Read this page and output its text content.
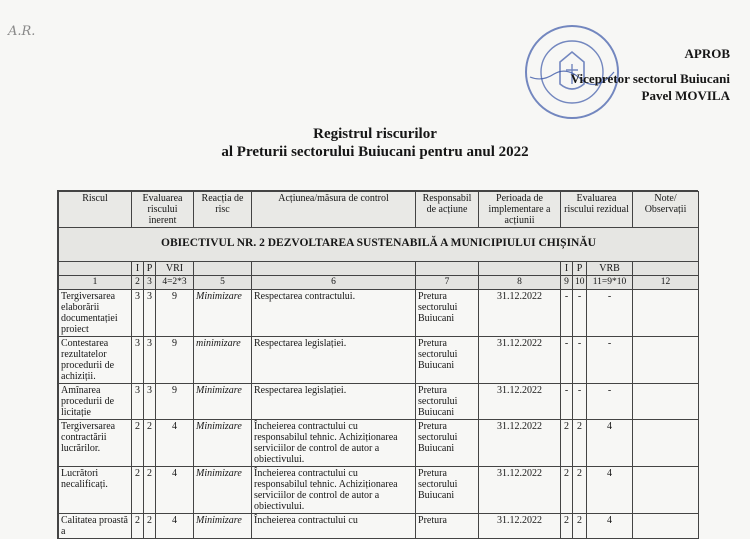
A.R.
APROB
Vicepretor sectorul Buiucani
Pavel MOVILA
Registrul riscurilor
al Preturii sectorului Buiucani pentru anul 2022
Riscul	Evaluarea riscului inerent			Reacția de risc	Acțiunea/măsura de control	Responsabil de acțiune	Perioada de implementare a acțiunii	Evaluarea riscului rezidual			Note/ Observații
OBIECTIVUL NR. 2 DEZVOLTAREA SUSTENABILĂ A MUNICIPIULUI CHIȘINĂU											
	I	P	VRI					I	P	VRB	
1	2	3	4=2*3	5	6	7	8	9	10	11=9*10	12
Tergiversarea elaborării documentației proiect	3	3	9	Minimizare	Respectarea contractului.	Pretura sectorului Buiucani	31.12.2022	-	-	-	
Contestarea rezultatelor procedurii de achiziții.	3	3	9	minimizare	Respectarea legislației.	Pretura sectorului Buiucani	31.12.2022	-	-	-	
Amînarea procedurii de licitație	3	3	9	Minimizare	Respectarea legislației.	Pretura sectorului Buiucani	31.12.2022	-	-	-	
Tergiversarea contractării lucrărilor.	2	2	4	Minimizare	Încheierea contractului cu responsabilul tehnic. Achiziționarea serviciilor de control de autor a obiectivului.	Pretura sectorului Buiucani	31.12.2022	2	2	4	
Lucrători necalificați.	2	2	4	Minimizare	Încheierea contractului cu responsabilul tehnic. Achiziționarea serviciilor de control de autor a obiectivului.	Pretura sectorului Buiucani	31.12.2022	2	2	4	
Calitatea proastă a	2	2	4	Minimizare	Încheierea contractului cu	Pretura	31.12.2022	2	2	4	
